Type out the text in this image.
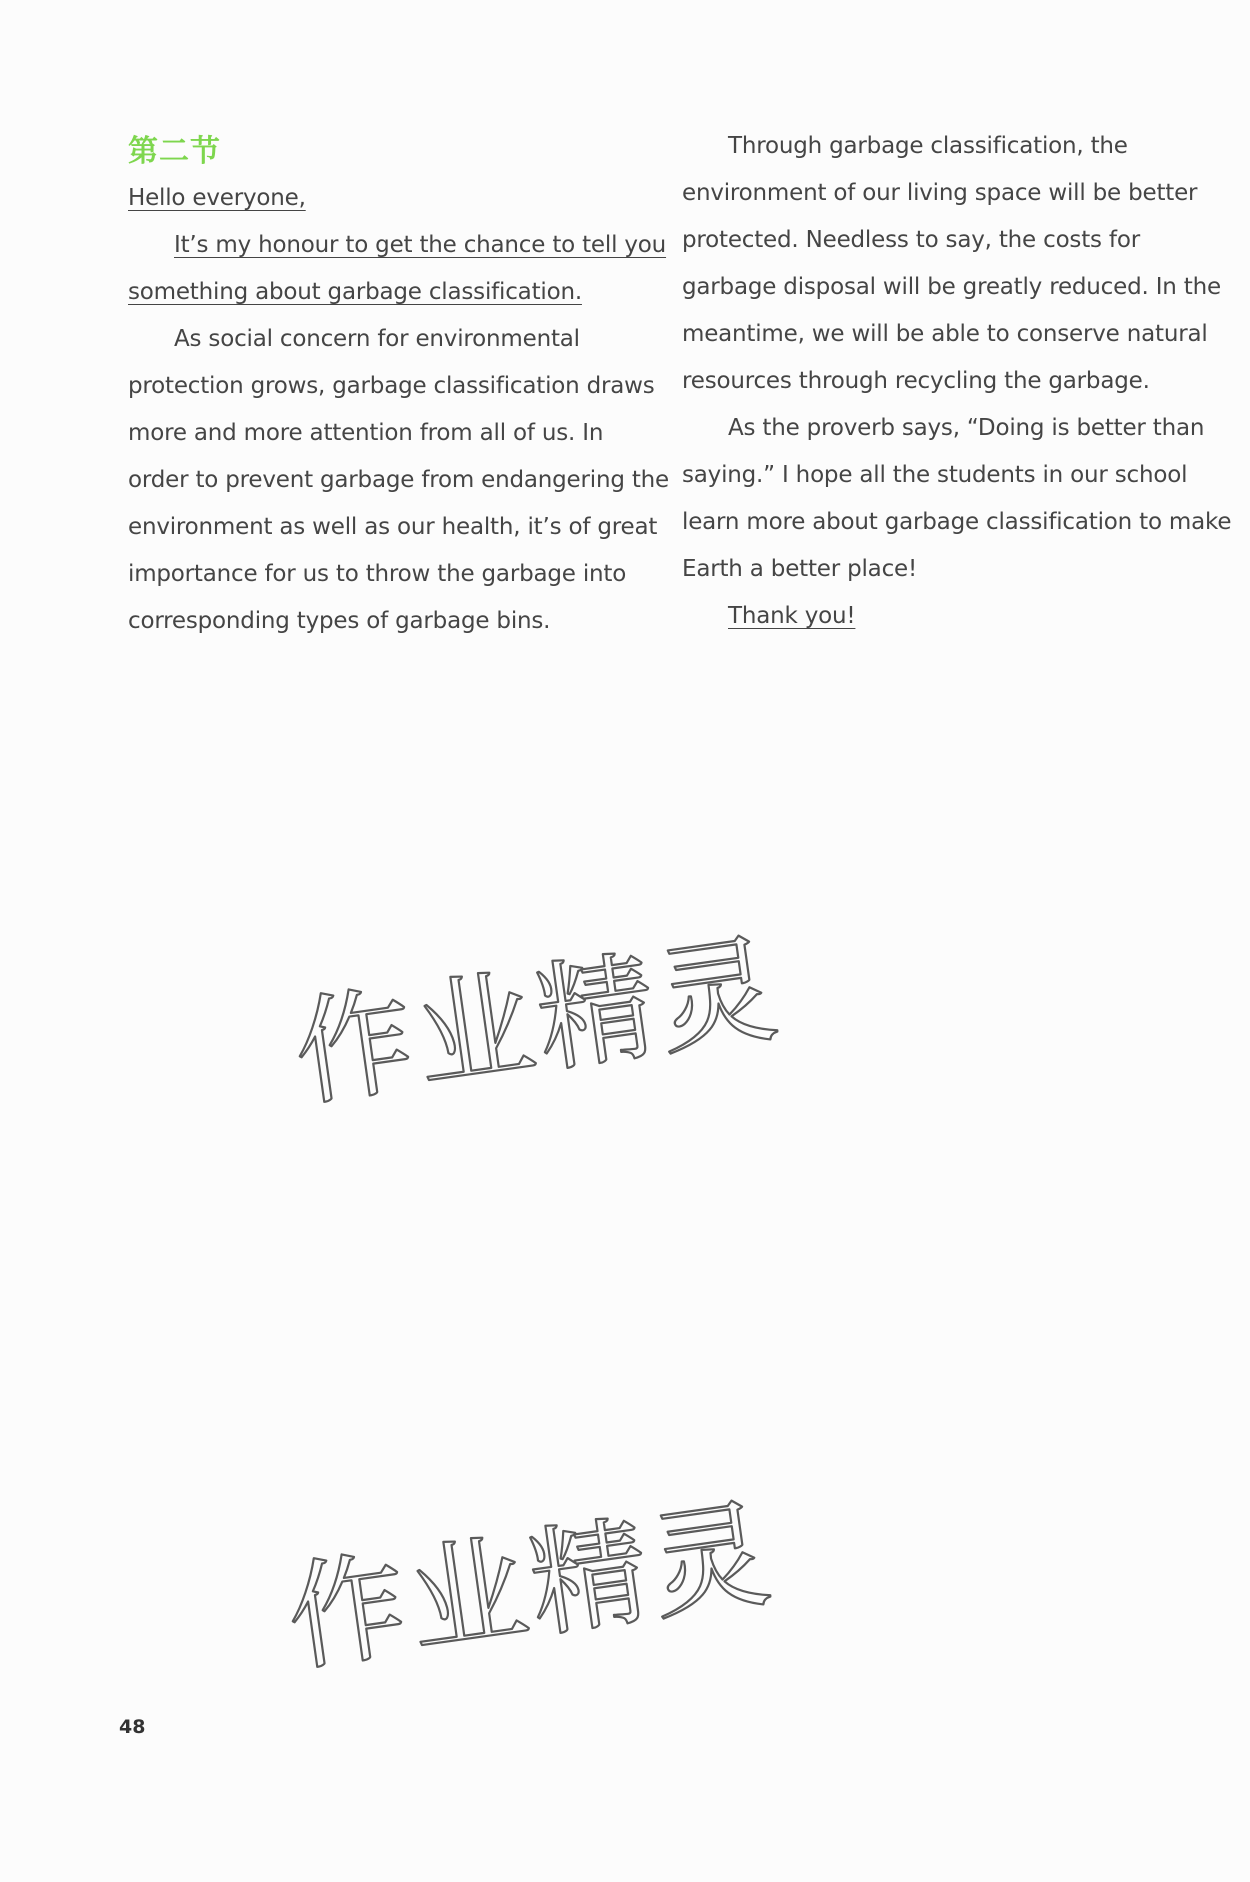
第二节

Hello everyone,

It’s my honour to get the chance to tell you

something about garbage classification.

As social concern for environmental

protection grows, garbage classification draws

more and more attention from all of us. In

order to prevent garbage from endangering the

environment as well as our health, it’s of great

importance for us to throw the garbage into

corresponding types of garbage bins.

Through garbage classification, the

environment of our living space will be better

protected. Needless to say, the costs for

garbage disposal will be greatly reduced. In the

meantime, we will be able to conserve natural

resources through recycling the garbage.

As the proverb says, “Doing is better than

saying.” I hope all the students in our school

learn more about garbage classification to make

Earth a better place!

Thank you!

作业精灵
作业精灵
48
